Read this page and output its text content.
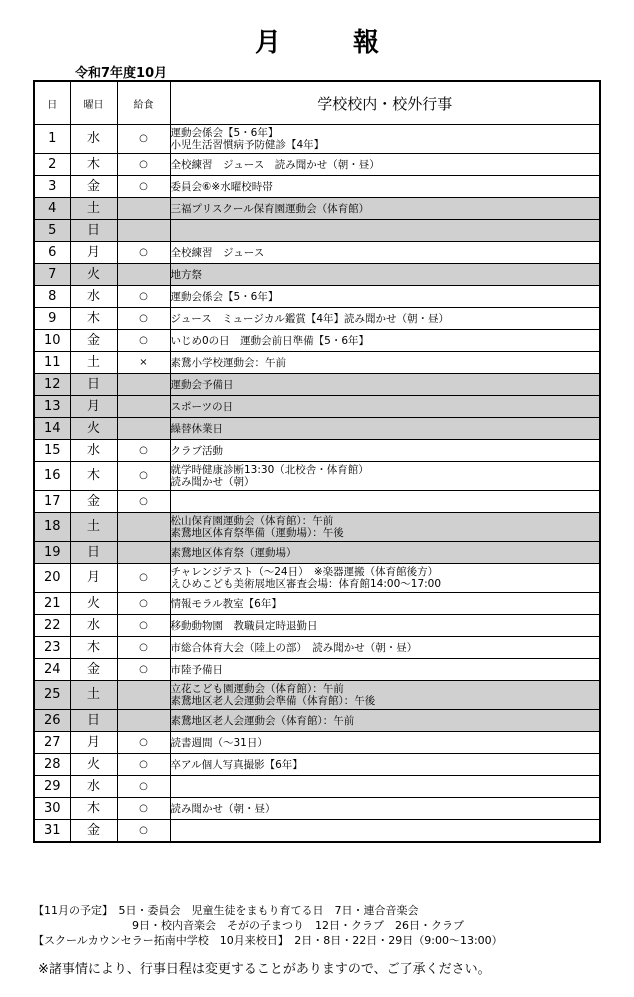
月	報
令和7年度10月
日	曜日	給食	学校校内・校外行事
1	水	○	運動会係会【5・6年】
小児生活習慣病予防健診【4年】

2	木	○	全校練習　ジュース　読み聞かせ（朝・昼）

3	金	○	委員会⑥※水曜校時帯

4	土		三福プリスクール保育園運動会（体育館）

5	日		
6	月	○	全校練習　ジュース

7	火		地方祭

8	水	○	運動会係会【5・6年】

9	木	○	ジュース　ミュージカル鑑賞【4年】読み聞かせ（朝・昼）

10	金	○	いじめ0の日　運動会前日準備【5・6年】

11	土	×	素鵞小学校運動会：午前

12	日		運動会予備日

13	月		スポーツの日

14	火		繰替休業日

15	水	○	クラブ活動

16	木	○	就学時健康診断13:30（北校舎・体育館）
読み聞かせ（朝）

17	金	○	
18	土		松山保育園運動会（体育館）：午前
素鵞地区体育祭準備（運動場）：午後

19	日		素鵞地区体育祭（運動場）

20	月	○	チャレンジテスト（～24日）　※楽器運搬（体育館後方）
えひめこども美術展地区審査会場：体育館14:00～17:00

21	火	○	情報モラル教室【6年】

22	水	○	移動動物園　教職員定時退勤日

23	木	○	市総合体育大会（陸上の部）　読み聞かせ（朝・昼）

24	金	○	市陸予備日

25	土		立花こども園運動会（体育館）：午前
素鵞地区老人会運動会準備（体育館）：午後

26	日		素鵞地区老人会運動会（体育館）：午前

27	月	○	読書週間（～31日）

28	火	○	卒アル個人写真撮影【6年】

29	水	○	
30	木	○	読み聞かせ（朝・昼）

31	金	○	
【11月の予定】　5日・委員会　児童生徒をまもり育てる日　7日・連合音楽会
　　　　　　　　　9日・校内音楽会　そがの子まつり　12日・クラブ　26日・クラブ
【スクールカウンセラー拓南中学校　10月来校日】　2日・8日・22日・29日（9:00～13:00）
※諸事情により、行事日程は変更することがありますので、ご了承ください。
